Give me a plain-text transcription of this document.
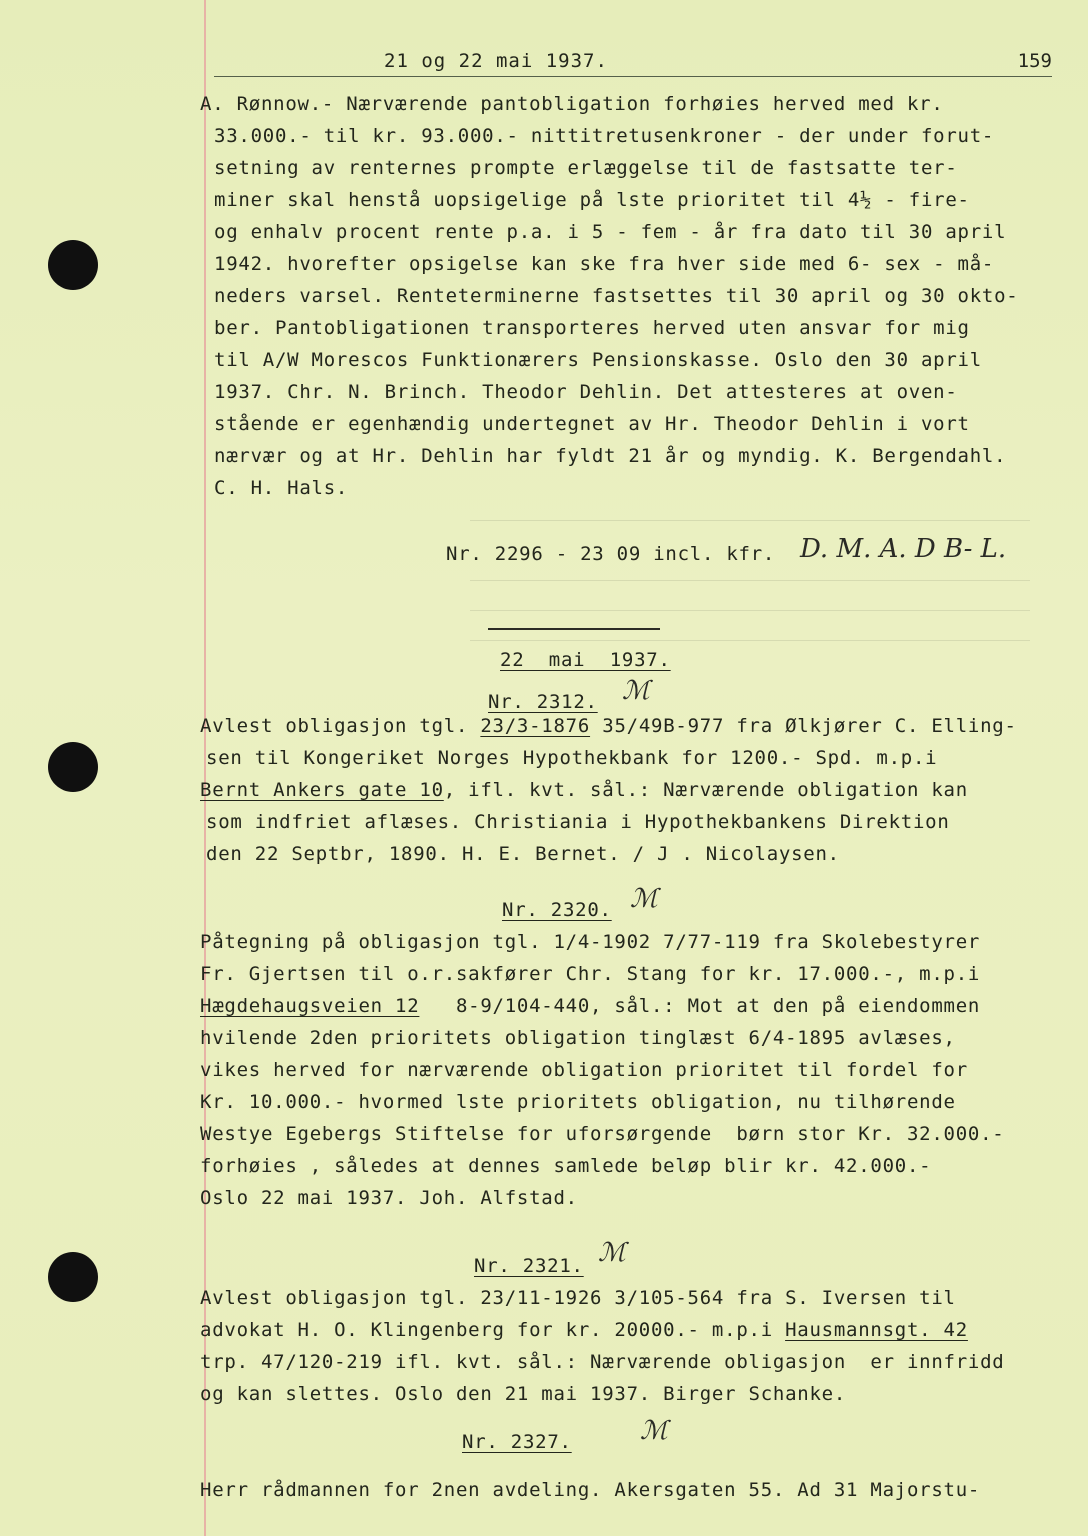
21 og 22 mai 1937.	159
A. Rønnow.- Nærværende pantobligation forhøies herved med kr.
33.000.- til kr. 93.000.- nittitretusenkroner - der under forut-
setning av renternes prompte erlæggelse til de fastsatte ter-
miner skal henstå uopsigelige på lste prioritet til 4½ - fire-
og enhalv procent rente p.a. i 5 - fem - år fra dato til 30 april
1942. hvorefter opsigelse kan ske fra hver side med 6- sex - må-
neders varsel. Renteterminerne fastsettes til 30 april og 30 okto-
ber. Pantobligationen transporteres herved uten ansvar for mig
til A/W Morescos Funktionærers Pensionskasse. Oslo den 30 april
1937. Chr. N. Brinch. Theodor Dehlin. Det attesteres at oven-
stående er egenhændig undertegnet av Hr. Theodor Dehlin i vort
nærvær og at Hr. Dehlin har fyldt 21 år og myndig. K. Bergendahl.
C. H. Hals.
Nr. 2296 - 23 09 incl. kfr. D. M. A. D B- L.
22  mai  1937.
Nr. 2312. ℳ
Avlest obligasjon tgl. 23/3-1876 35/49B-977 fra Ølkjører C. Elling-
sen til Kongeriket Norges Hypothekbank for 1200.- Spd. m.p.i
Bernt Ankers gate 10, ifl. kvt. sål.: Nærværende obligation kan
som indfriet aflæses. Christiania i Hypothekbankens Direktion
den 22 Septbr, 1890. H. E. Bernet. / J . Nicolaysen.
Nr. 2320. ℳ
Påtegning på obligasjon tgl. 1/4-1902 7/77-119 fra Skolebestyrer
Fr. Gjertsen til o.r.sakfører Chr. Stang for kr. 17.000.-, m.p.i
Hægdehaugsveien 12   8-9/104-440, sål.: Mot at den på eiendommen
hvilende 2den prioritets obligation tinglæst 6/4-1895 avlæses,
vikes herved for nærværende obligation prioritet til fordel for
Kr. 10.000.- hvormed lste prioritets obligation, nu tilhørende
Westye Egebergs Stiftelse for uforsørgende  børn stor Kr. 32.000.-
forhøies , således at dennes samlede beløp blir kr. 42.000.-
Oslo 22 mai 1937. Joh. Alfstad.
Nr. 2321. ℳ
Avlest obligasjon tgl. 23/11-1926 3/105-564 fra S. Iversen til
advokat H. O. Klingenberg for kr. 20000.- m.p.i Hausmannsgt. 42
trp. 47/120-219 ifl. kvt. sål.: Nærværende obligasjon  er innfridd
og kan slettes. Oslo den 21 mai 1937. Birger Schanke.
Nr. 2327.	ℳ
Herr rådmannen for 2nen avdeling. Akersgaten 55. Ad 31 Majorstu-
